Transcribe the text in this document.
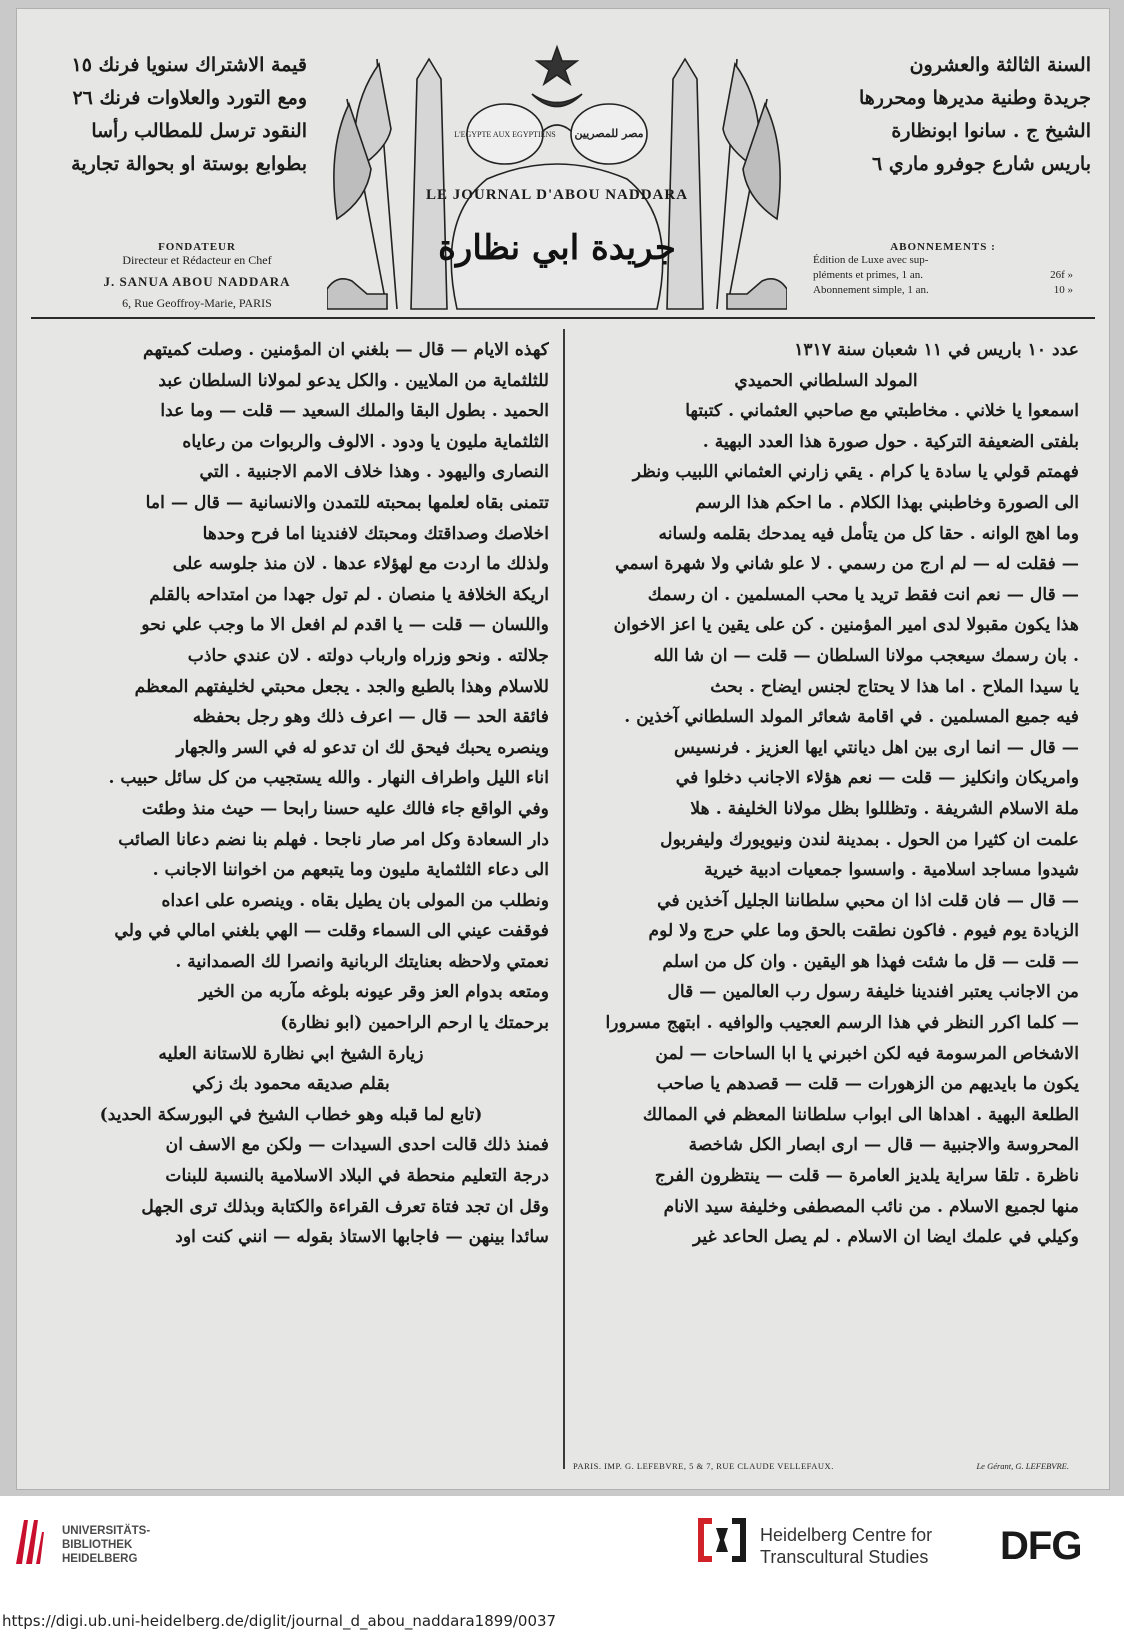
قيمة الاشتراك سنويا فرنك ١٥
ومع التورد والعلاوات فرنك ٢٦
النقود ترسل للمطالب رأسا
بطوابع بوستة او بحوالة تجارية
السنة الثالثة والعشرون
جريدة وطنية مديرها ومحررها
الشيخ ج . سانوا ابونظارة
باريس شارع جوفرو ماري ٦
FONDATEUR
Directeur et Rédacteur en Chef
J. SANUA ABOU NADDARA
6, Rue Geoffroy-Marie, PARIS
ABONNEMENTS :
Édition de Luxe avec sup-
pléments et primes, 1 an.	26f »
Abonnement simple, 1 an.	10 »
L'EGYPTE AUX EGYPTIENS مصر للمصريين
LE JOURNAL D'ABOU NADDARA
جريدة ابي نظارة
عدد ١٠ باريس في ١١ شعبان سنة ١٣١٧
المولد السلطاني الحميدي
اسمعوا يا خلاني . مخاطبتي مع صاحبي العثماني . كتبتها
بلفتى الضعيفة التركية . حول صورة هذا العدد البهية .
فهمتم قولي يا سادة يا كرام . يقي زارني العثماني اللبيب ونظر
الى الصورة وخاطبني بهذا الكلام . ما احكم هذا الرسم
وما اهج الوانه . حقا كل من يتأمل فيه يمدحك بقلمه ولسانه
— فقلت له — لم ارج من رسمي . لا علو شاني ولا شهرة اسمي
— قال — نعم انت فقط تريد يا محب المسلمين . ان رسمك
هذا يكون مقبولا لدى امير المؤمنين . كن على يقين يا اعز الاخوان
. بان رسمك سيعجب مولانا السلطان — قلت — ان شا الله
يا سيدا الملاح . اما هذا لا يحتاج لجنس ايضاح . بحث
فيه جميع المسلمين . في اقامة شعائر المولد السلطاني آخذين .
— قال — انما ارى بين اهل ديانتي ايها العزيز . فرنسيس
وامريكان وانكليز — قلت — نعم هؤلاء الاجانب دخلوا في
ملة الاسلام الشريفة . وتظللوا بظل مولانا الخليفة . هلا
علمت ان كثيرا من الحول . بمدينة لندن ونيويورك وليفربول
شيدوا مساجد اسلامية . واسسوا جمعيات ادبية خيرية
— قال — فان قلت اذا ان محبي سلطاننا الجليل آخذين في
الزيادة يوم فيوم . فاكون نطقت بالحق وما علي حرج ولا لوم
— قلت — قل ما شئت فهذا هو اليقين . وان كل من اسلم
من الاجانب يعتبر افندينا خليفة رسول رب العالمين — قال
— كلما اكرر النظر في هذا الرسم العجيب والوافيه . ابتهج مسرورا
الاشخاص المرسومة فيه لكن اخبرني يا ابا الساحات — لمن
يكون ما بايديهم من الزهورات — قلت — قصدهم يا صاحب
الطلعة البهية . اهداها الى ابواب سلطاننا المعظم في الممالك
المحروسة والاجنبية — قال — ارى ابصار الكل شاخصة
ناظرة . تلقا سراية يلديز العامرة — قلت — ينتظرون الفرج
منها لجميع الاسلام . من نائب المصطفى وخليفة سيد الانام
وكيلي في علمك ايضا ان الاسلام . لم يصل الحاعد غير
كهذه الايام — قال — بلغني ان المؤمنين . وصلت كميتهم
للثلثماية من الملايين . والكل يدعو لمولانا السلطان عبد
الحميد . بطول البقا والملك السعيد — قلت — وما عدا
الثلثماية مليون يا ودود . الالوف والربوات من رعاياه
النصارى واليهود . وهذا خلاف الامم الاجنبية . التي
تتمنى بقاه لعلمها بمحبته للتمدن والانسانية — قال — اما
اخلاصك وصداقتك ومحبتك لافندينا اما فرح وحدها
ولذلك ما اردت مع لهؤلاء عدها . لان منذ جلوسه على
اريكة الخلافة يا منصان . لم تول جهدا من امتداحه بالقلم
واللسان — قلت — يا اقدم لم افعل الا ما وجب علي نحو
جلالته . ونحو وزراه وارباب دولته . لان عندي حاذب
للاسلام وهذا بالطبع والجد . يجعل محبتي لخليفتهم المعظم
فائقة الحد — قال — اعرف ذلك وهو رجل بحفظه
وينصره يحبك فيحق لك ان تدعو له في السر والجهار
اناء الليل واطراف النهار . والله يستجيب من كل سائل حبيب .
وفي الواقع جاء فالك عليه حسنا رابحا — حيث منذ وطئت
دار السعادة وكل امر صار ناجحا . فهلم بنا نضم دعانا الصائب
الى دعاء الثلثماية مليون وما يتبعهم من اخواننا الاجانب .
ونطلب من المولى بان يطيل بقاه . وينصره على اعداه
فوقفت عيني الى السماء وقلت — الهي بلغني امالي في ولي
نعمتي ولاحظه بعنايتك الربانية وانصرا لك الصمدانية .
ومتعه بدوام العز وقر عيونه بلوغه مآربه من الخير
برحمتك يا ارحم الراحمين (ابو نظارة)
زيارة الشيخ ابي نظارة للاستانة العليه
بقلم صديقه محمود بك زكي
(تابع لما قبله وهو خطاب الشيخ في البورسكة الحديد)
فمنذ ذلك قالت احدى السيدات — ولكن مع الاسف ان
درجة التعليم منحطة في البلاد الاسلامية بالنسبة للبنات
وقل ان تجد فتاة تعرف القراءة والكتابة وبذلك ترى الجهل
سائدا بينهن — فاجابها الاستاذ بقوله — انني كنت اود
PARIS. IMP. G. LEFEBVRE, 5 & 7, RUE CLAUDE VELLEFAUX.	Le Gérant, G. LEFEBVRE.
UNIVERSITÄTS-
BIBLIOTHEK
HEIDELBERG
Heidelberg Centre for
Transcultural Studies DFG
https://digi.ub.uni-heidelberg.de/diglit/journal_d_abou_naddara1899/0037
